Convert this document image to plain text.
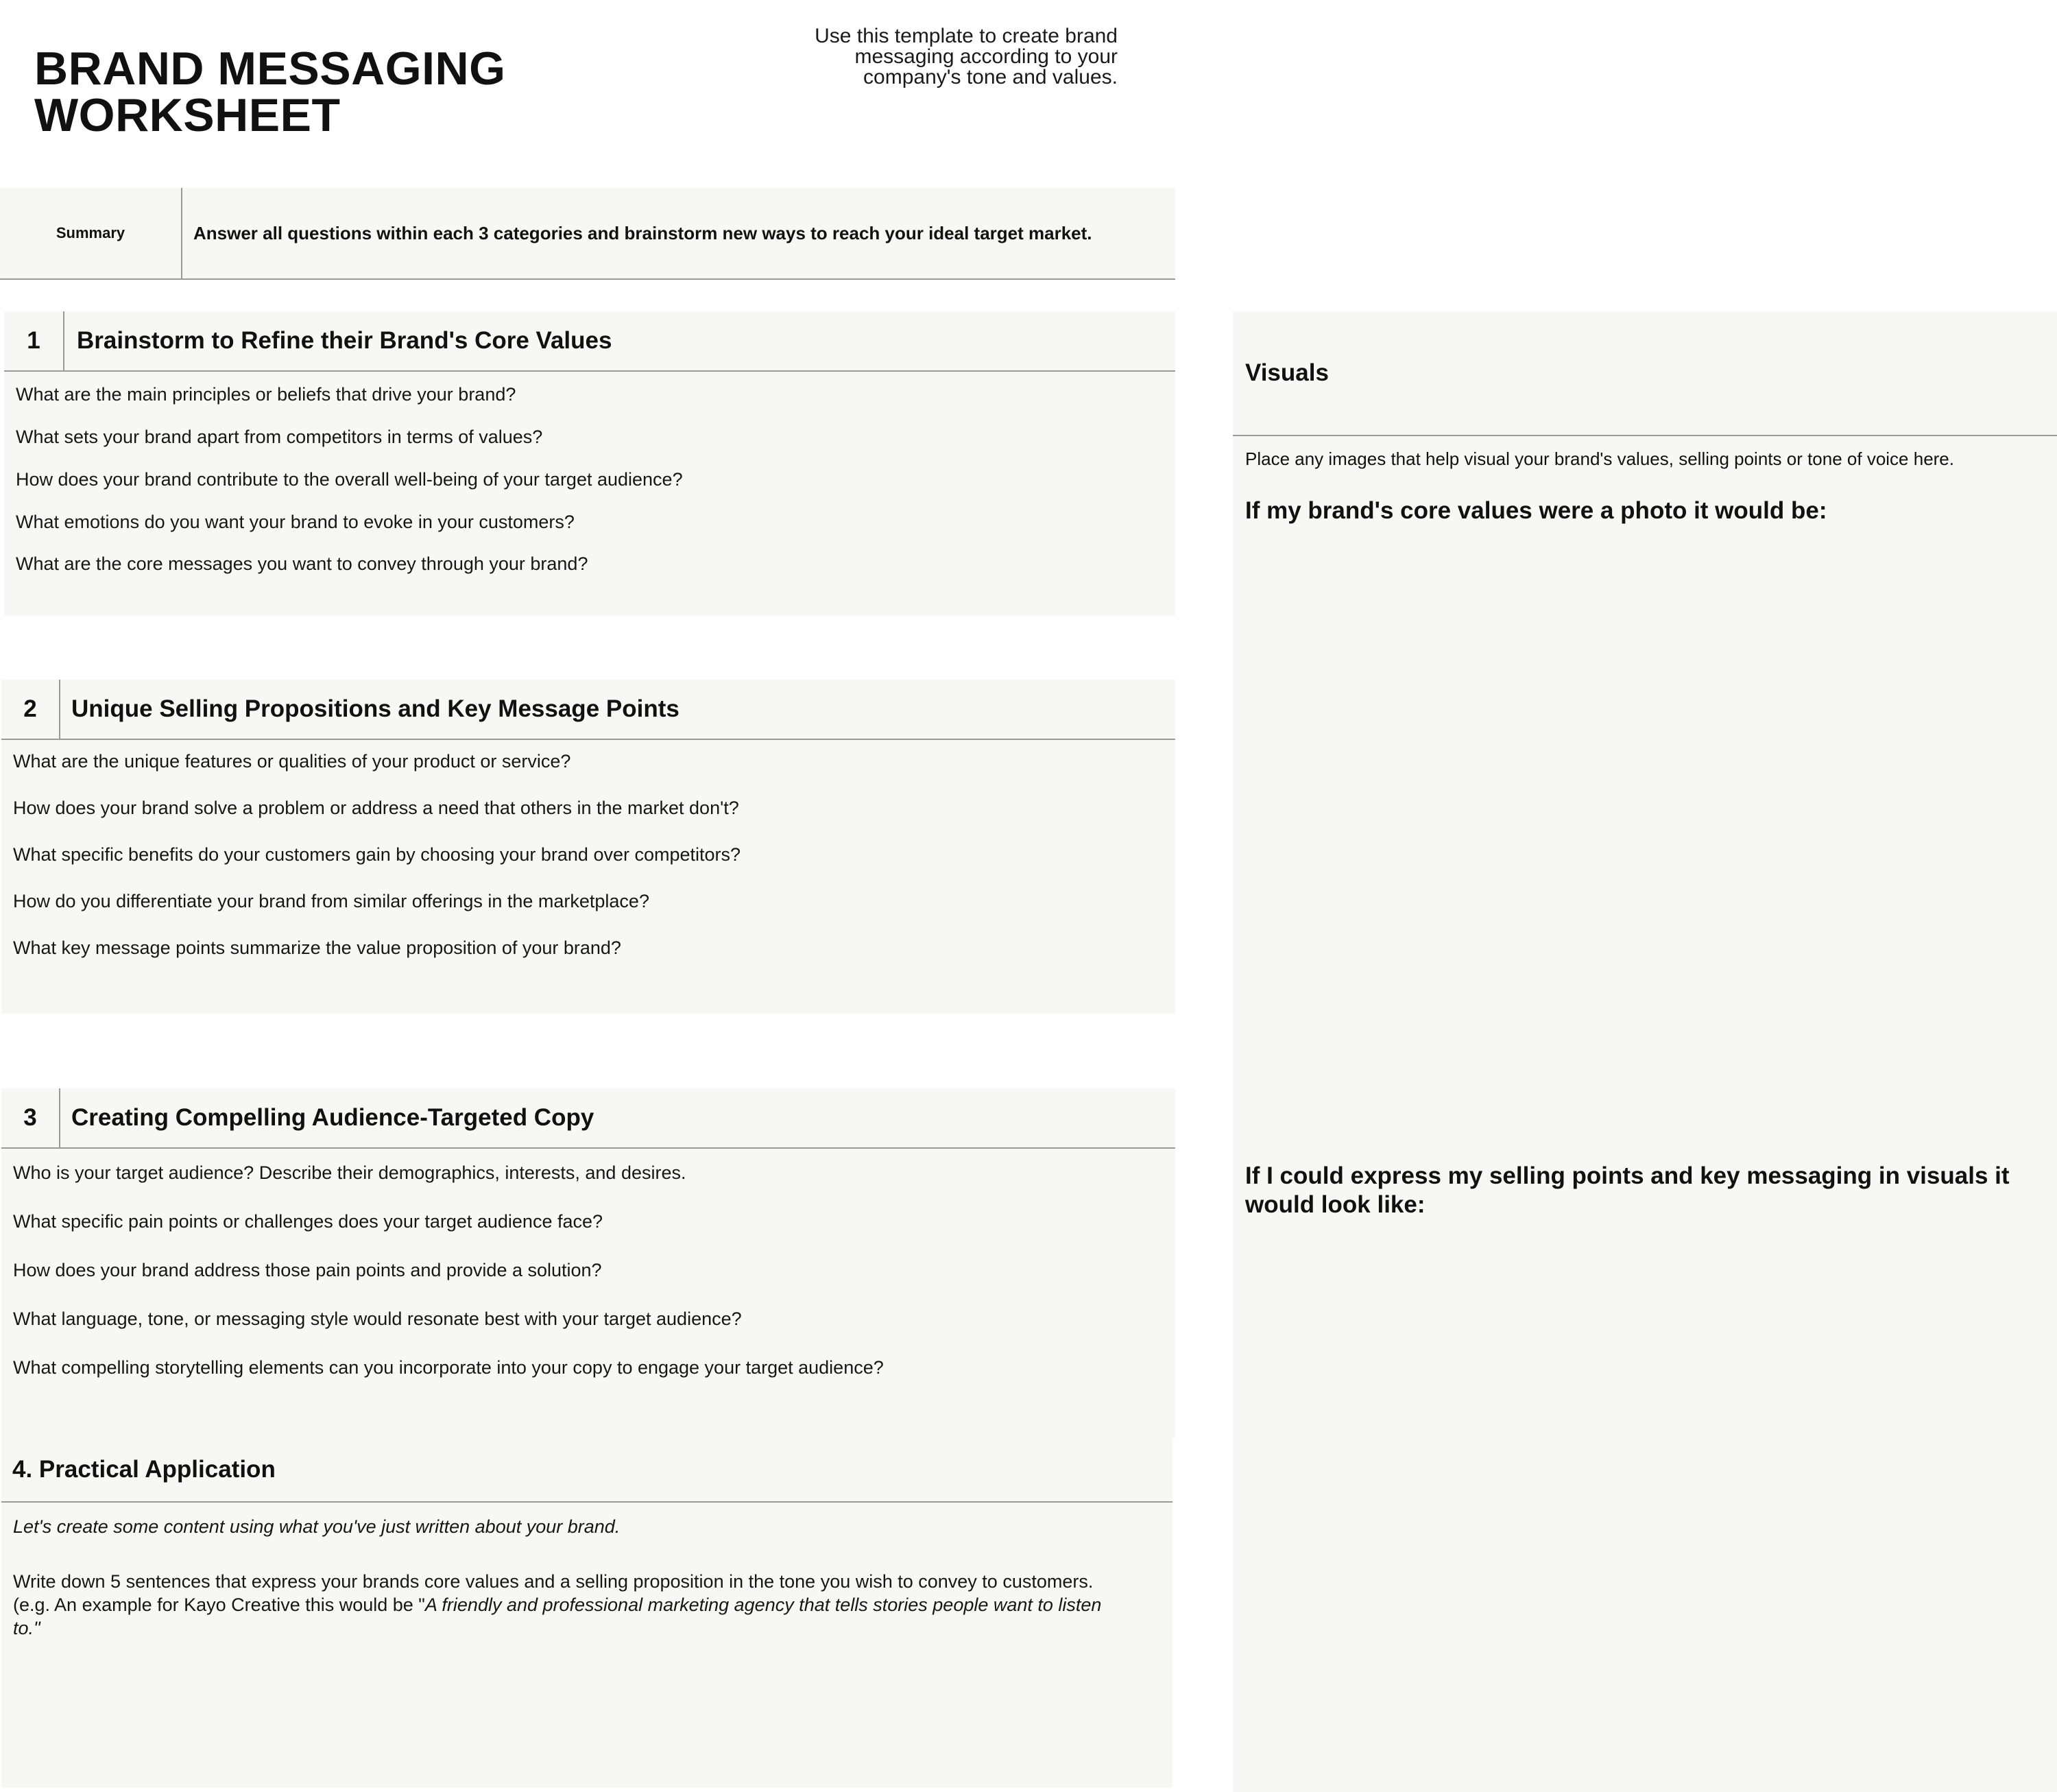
BRAND MESSAGING
WORKSHEET
Use this template to create brand
messaging according to your
company's tone and values.
Summary	Answer all questions within each 3 categories and brainstorm new ways to reach your ideal target market.
1	Brainstorm to Refine their Brand's Core Values
What are the main principles or beliefs that drive your brand?
What sets your brand apart from competitors in terms of values?
How does your brand contribute to the overall well-being of your target audience?
What emotions do you want your brand to evoke in your customers?
What are the core messages you want to convey through your brand?
2	Unique Selling Propositions and Key Message Points
What are the unique features or qualities of your product or service?
How does your brand solve a problem or address a need that others in the market don't?
What specific benefits do your customers gain by choosing your brand over competitors?
How do you differentiate your brand from similar offerings in the marketplace?
What key message points summarize the value proposition of your brand?
3	Creating Compelling Audience-Targeted Copy
Who is your target audience? Describe their demographics, interests, and desires.
What specific pain points or challenges does your target audience face?
How does your brand address those pain points and provide a solution?
What language, tone, or messaging style would resonate best with your target audience?
What compelling storytelling elements can you incorporate into your copy to engage your target audience?
4. Practical Application
Let's create some content using what you've just written about your brand.
Write down 5 sentences that express your brands core values and a selling proposition in the tone you wish to convey to customers.
(e.g. An example for Kayo Creative this would be "A friendly and professional marketing agency that tells stories people want to listen
to."
Visuals
Place any images that help visual your brand's values, selling points or tone of voice here.
If my brand's core values were a photo it would be:
If I could express my selling points and key messaging in visuals it
would look like:
